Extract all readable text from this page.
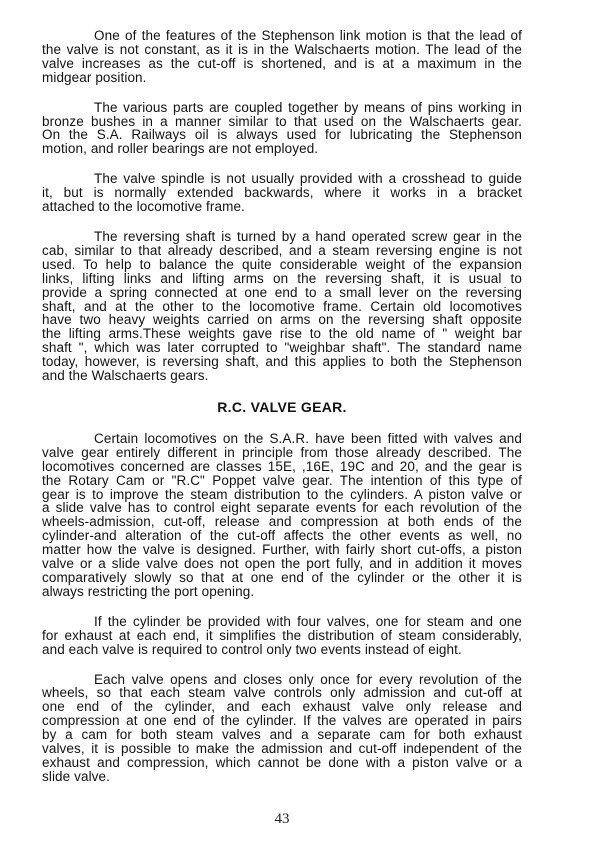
One of the features of the Stephenson link motion is that the lead of
the valve is not constant, as it is in the Walschaerts motion. The lead of the
valve increases as the cut-off is shortened, and is at a maximum in the
midgear position.
The various parts are coupled together by means of pins working in
bronze bushes in a manner similar to that used on the Walschaerts gear.
On the S.A. Railways oil is always used for lubricating the Stephenson
motion, and roller bearings are not employed.
The valve spindle is not usually provided with a crosshead to guide
it, but is normally extended backwards, where it works in a bracket
attached to the locomotive frame.
The reversing shaft is turned by a hand operated screw gear in the
cab, similar to that already described, and a steam reversing engine is not
used. To help to balance the quite considerable weight of the expansion
links, lifting links and lifting arms on the reversing shaft, it is usual to
provide a spring connected at one end to a small lever on the reversing
shaft, and at the other to the locomotive frame. Certain old locomotives
have two heavy weights carried on arms on the reversing shaft opposite
the lifting arms.These weights gave rise to the old name of " weight bar
shaft ", which was later corrupted to "weighbar shaft". The standard name
today, however, is reversing shaft, and this applies to both the Stephenson
and the Walschaerts gears.
R.C. VALVE GEAR.
Certain locomotives on the S.A.R. have been fitted with valves and
valve gear entirely different in principle from those already described. The
locomotives concerned are classes 15E, ,16E, 19C and 20, and the gear is
the Rotary Cam or "R.C" Poppet valve gear. The intention of this type of
gear is to improve the steam distribution to the cylinders. A piston valve or
a slide valve has to control eight separate events for each revolution of the
wheels-admission, cut-off, release and compression at both ends of the
cylinder-and alteration of the cut-off affects the other events as well, no
matter how the valve is designed. Further, with fairly short cut-offs, a piston
valve or a slide valve does not open the port fully, and in addition it moves
comparatively slowly so that at one end of the cylinder or the other it is
always restricting the port opening.
If the cylinder be provided with four valves, one for steam and one
for exhaust at each end, it simplifies the distribution of steam considerably,
and each valve is required to control only two events instead of eight.
Each valve opens and closes only once for every revolution of the
wheels, so that each steam valve controls only admission and cut-off at
one end of the cylinder, and each exhaust valve only release and
compression at one end of the cylinder. If the valves are operated in pairs
by a cam for both steam valves and a separate cam for both exhaust
valves, it is possible to make the admission and cut-off independent of the
exhaust and compression, which cannot be done with a piston valve or a
slide valve.
43
